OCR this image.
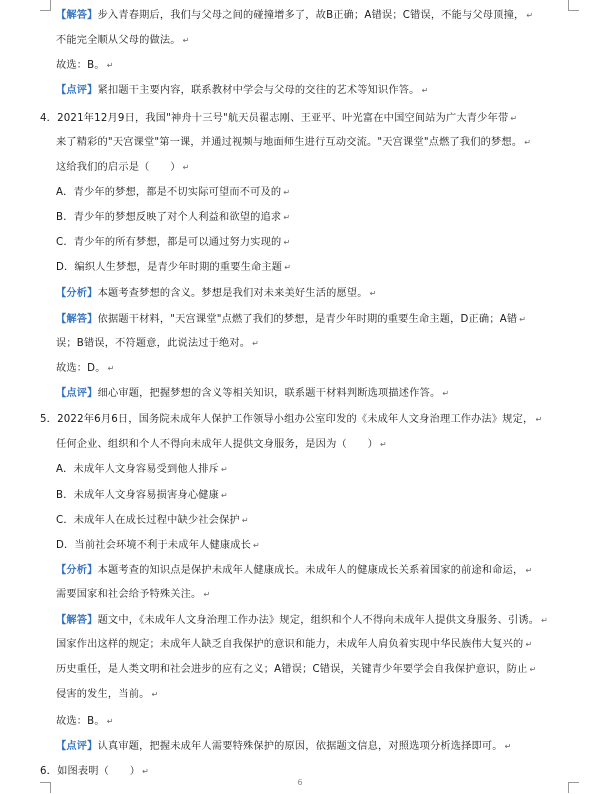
【解答】步入青春期后，我们与父母之间的碰撞增多了，故B正确；A错误；C错误，不能与父母顶撞， ↵
不能完全顺从父母的做法。 ↵
故选：B。 ↵
【点评】紧扣题干主要内容，联系教材中学会与父母的交往的艺术等知识作答。 ↵
4．2021年12月9日，我国"神舟十三号"航天员翟志刚、王亚平、叶光富在中国空间站为广大青少年带 ↵
来了精彩的"天宫课堂"第一课，并通过视频与地面师生进行互动交流。"天宫课堂"点燃了我们的梦想。 ↵
这给我们的启示是（　　） ↵
A．青少年的梦想，都是不切实际可望而不可及的 ↵
B．青少年的梦想反映了对个人利益和欲望的追求 ↵
C．青少年的所有梦想，都是可以通过努力实现的 ↵
D．编织人生梦想，是青少年时期的重要生命主题 ↵
【分析】本题考查梦想的含义。梦想是我们对未来美好生活的愿望。 ↵
【解答】依据题干材料，"天宫课堂"点燃了我们的梦想，是青少年时期的重要生命主题，D正确；A错 ↵
误；B错误，不符题意，此说法过于绝对。 ↵
故选：D。 ↵
【点评】细心审题，把握梦想的含义等相关知识，联系题干材料判断选项描述作答。 ↵
5．2022年6月6日，国务院未成年人保护工作领导小组办公室印发的《未成年人文身治理工作办法》规定， ↵
任何企业、组织和个人不得向未成年人提供文身服务，是因为（　　） ↵
A．未成年人文身容易受到他人排斥 ↵
B．未成年人文身容易损害身心健康 ↵
C．未成年人在成长过程中缺少社会保护 ↵
D．当前社会环境不利于未成年人健康成长 ↵
【分析】本题考查的知识点是保护未成年人健康成长。未成年人的健康成长关系着国家的前途和命运， ↵
需要国家和社会给予特殊关注。 ↵
【解答】题文中，《未成年人文身治理工作办法》规定，组织和个人不得向未成年人提供文身服务、引诱。 ↵
国家作出这样的规定；未成年人缺乏自我保护的意识和能力，未成年人肩负着实现中华民族伟大复兴的 ↵
历史重任，是人类文明和社会进步的应有之义；A错误；C错误，关键青少年要学会自我保护意识，防止 ↵
侵害的发生，当前。 ↵
故选：B。 ↵
【点评】认真审题，把握未成年人需要特殊保护的原因，依据题文信息，对照选项分析选择即可。 ↵
6．如图表明（　　） ↵
6
